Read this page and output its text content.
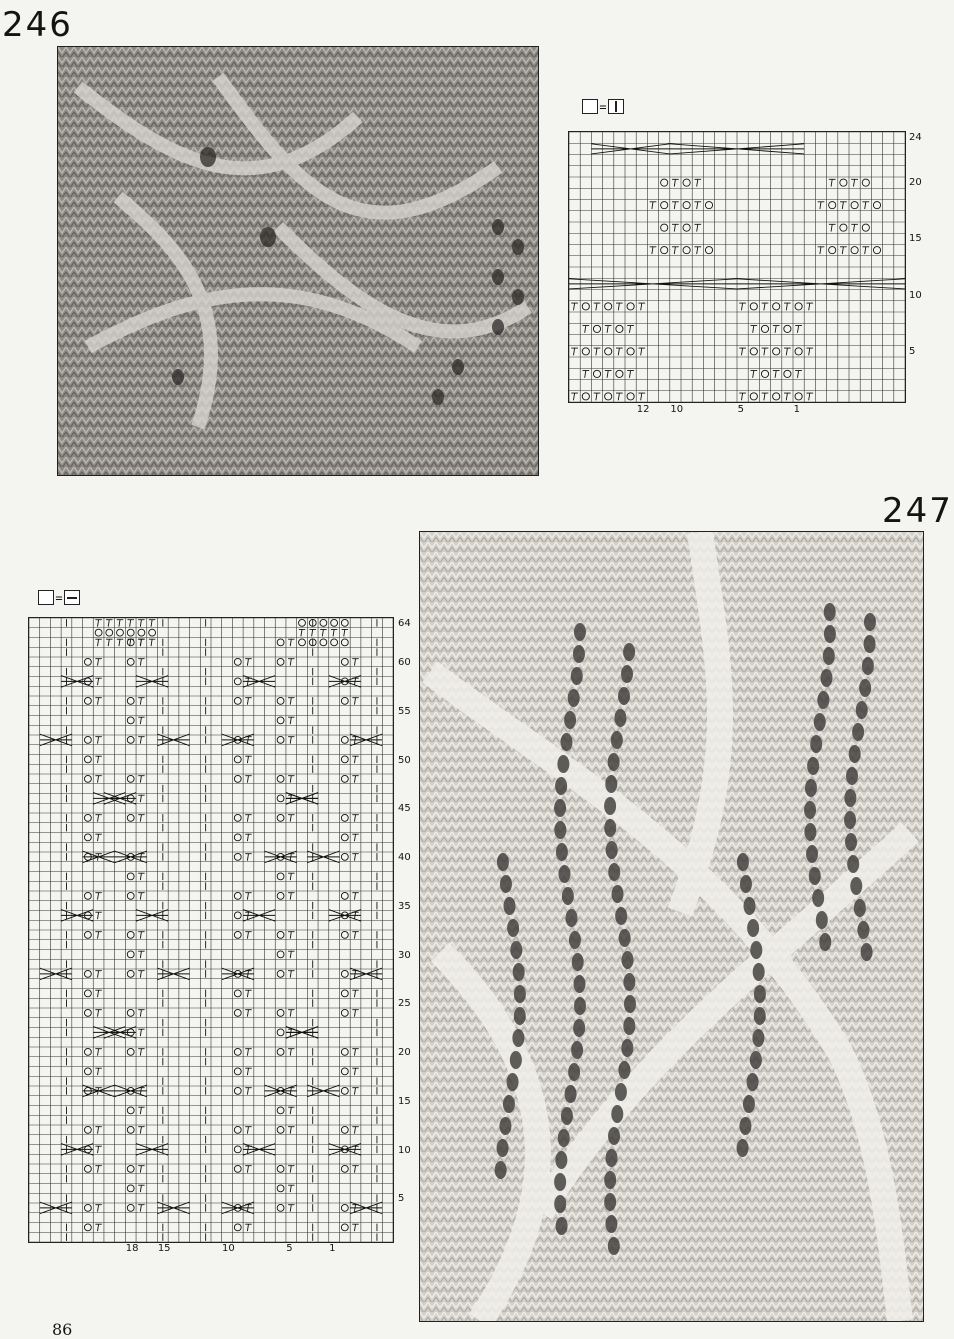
246
=
24
20
15
10
5
12 10	5	1
247
=
64
60
55
50
45
40
35
30
25
20
15
10
5
18 15	10	5	1
86
